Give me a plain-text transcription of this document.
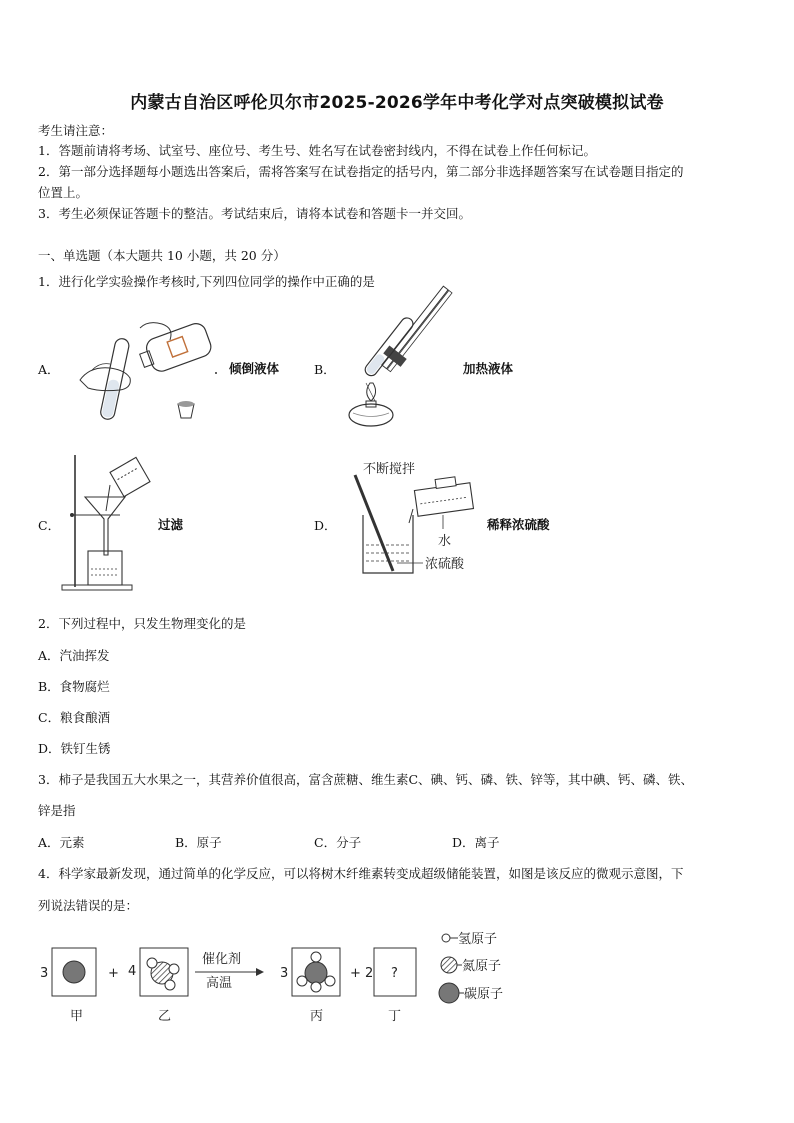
内蒙古自治区呼伦贝尔市2025-2026学年中考化学对点突破模拟试卷
考生请注意：
1．答题前请将考场、试室号、座位号、考生号、姓名写在试卷密封线内，不得在试卷上作任何标记。
2．第一部分选择题每小题选出答案后，需将答案写在试卷指定的括号内，第二部分非选择题答案写在试卷题目指定的
位置上。
3．考生必须保证答题卡的整洁。考试结束后，请将本试卷和答题卡一并交回。
一、单选题（本大题共 10 小题，共 20 分）
1．进行化学实验操作考核时,下列四位同学的操作中正确的是
A．	倾倒液体	B．	加热液体
C．	过滤	D．
不断搅拌
水
浓硫酸
稀释浓硫酸
2．下列过程中，只发生物理变化的是
A．汽油挥发
B．食物腐烂
C．粮食酿酒
D．铁钉生锈
3．柿子是我国五大水果之一，其营养价值很高，富含蔗糖、维生素C、碘、钙、磷、铁、锌等，其中碘、钙、磷、铁、
锌是指
A．元素	B．原子	C．分子	D．离子
4．科学家最新发现，通过简单的化学反应，可以将树木纤维素转变成超级储能装置，如图是该反应的微观示意图，下
列说法错误的是：
3
甲
+ 4
乙
催化剂
高温
3
丙
+ 2 ?
丁
氢原子
氮原子
碳原子
